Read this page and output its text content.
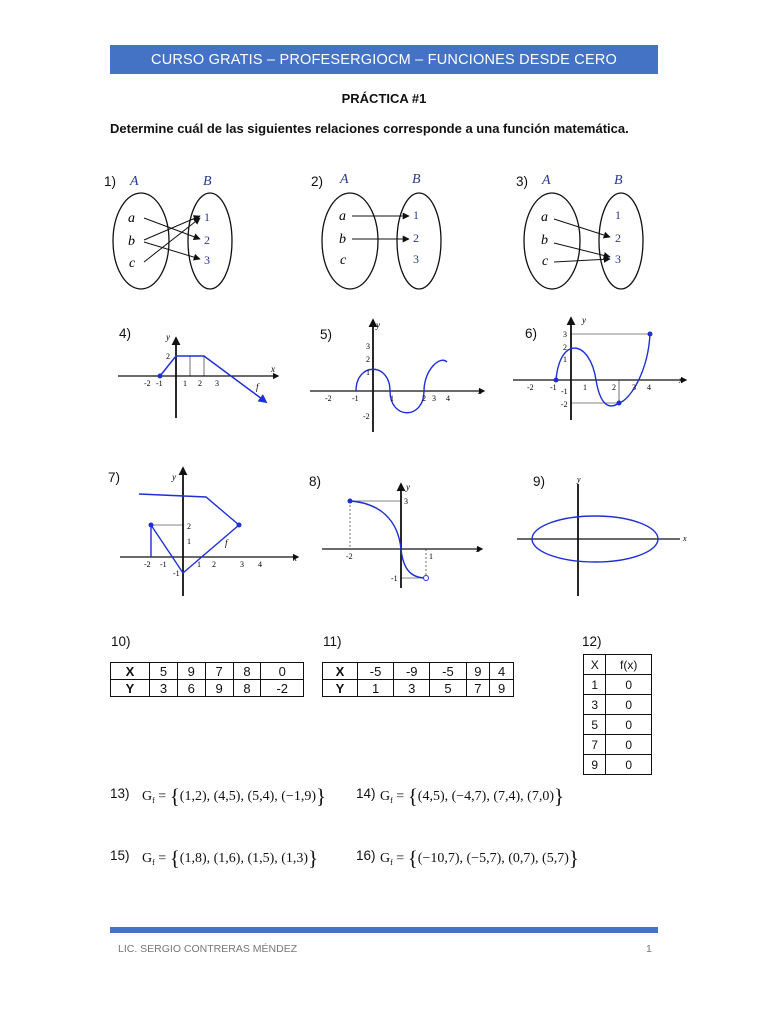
CURSO GRATIS – PROFESERGIOCM – FUNCIONES DESDE CERO
PRÁCTICA #1
Determine cuál de las siguientes relaciones corresponde a una función matemática.
1)	2)	3)
4)	5)	6)
7)	8)	9)
10)	11)	12)
A	B
a
b
c
1
2
3
A	B
a
b
c
1
2
3
A	B
a
b
c
1
2
3
x
y
-2 -1	1 2 3
2
f	x
y
-2	-1	1	2 3 4
3
2
1
-2
x
y
-2 -1	1	2 3 4
3
2
1
-1
-2
x
y
-2 -1	1 2	3 4
2
1
-1
f
x
y
-2	1
3
-1
x
y
X	5	9	7	8	0
Y	3	6	9	8	-2
X	-5	-9	-5	9	4
Y	1	3	5	7	9
X	f(x)
1	0
3	0
5	0
7	0
9	0
13) $G_f = \{(1,2)$, (4,5), (5,4), (−1,9)} 14) $G_f = \{(4,5)$, (−4,7), (7,4), (7,0)}
15) $G_f = \{(1,8)$, (1,6), (1,5), (1,3)}	16) $G_f = \{(-10,7)$, (−5,7), (0,7), (5,7)}
LIC. SERGIO CONTRERAS MÉNDEZ	1
